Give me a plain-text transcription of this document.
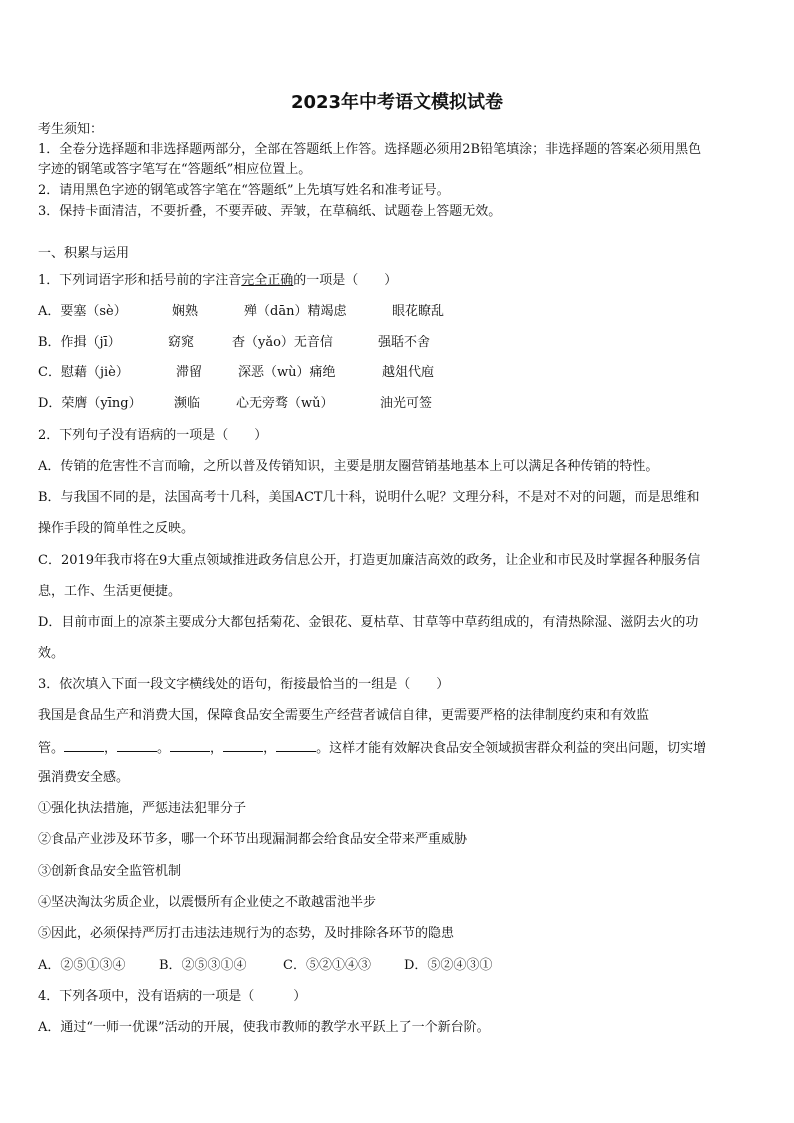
2023年中考语文模拟试卷
考生须知：
1．全卷分选择题和非选择题两部分，全部在答题纸上作答。选择题必须用2B铅笔填涂；非选择题的答案必须用黑色
字迹的钢笔或答字笔写在“答题纸”相应位置上。
2．请用黑色字迹的钢笔或答字笔在“答题纸”上先填写姓名和准考证号。
3．保持卡面清洁，不要折叠，不要弄破、弄皱，在草稿纸、试题卷上答题无效。
一、积累与运用
1．下列词语字形和括号前的字注音完全正确的一项是（　　）
A．要塞（sè）	娴熟	殚（dān）精竭虑	眼花瞭乱
B．作揖（jī）	窈窕	杳（yǎo）无音信	强聒不舍
C．慰藉（jiè）	滞留	深恶（wù）痛绝	越俎代庖
D．荣膺（yīng） 濒临	心无旁骛（wǔ）	油光可签
2．下列句子没有语病的一项是（　　）
A．传销的危害性不言而喻，之所以普及传销知识，主要是朋友圈营销基地基本上可以满足各种传销的特性。
B．与我国不同的是，法国高考十几科，美国ACT几十科，说明什么呢？文理分科，不是对不对的问题，而是思维和
操作手段的简单性之反映。
C．2019年我市将在9大重点领域推进政务信息公开，打造更加廉洁高效的政务，让企业和市民及时掌握各种服务信
息，工作、生活更便捷。
D．目前市面上的凉茶主要成分大都包括菊花、金银花、夏枯草、甘草等中草药组成的，有清热除湿、滋阴去火的功
效。
3．依次填入下面一段文字横线处的语句，衔接最恰当的一组是（　　）
我国是食品生产和消费大国，保障食品安全需要生产经营者诚信自律，更需要严格的法律制度约束和有效监
管。	，	。	，	，	。这样才能有效解决食品安全领域损害群众利益的突出问题，切实增
强消费安全感。
①强化执法措施，严惩违法犯罪分子
②食品产业涉及环节多，哪一个环节出现漏洞都会给食品安全带来严重威胁
③创新食品安全监管机制
④坚决淘汰劣质企业，以震慑所有企业使之不敢越雷池半步
⑤因此，必须保持严厉打击违法违规行为的态势，及时排除各环节的隐患
A．②⑤①③④	B．②⑤③①④	C．⑤②①④③	D．⑤②④③①
4．下列各项中，没有语病的一项是（　　　）
A．通过“一师一优课”活动的开展，使我市教师的教学水平跃上了一个新台阶。
